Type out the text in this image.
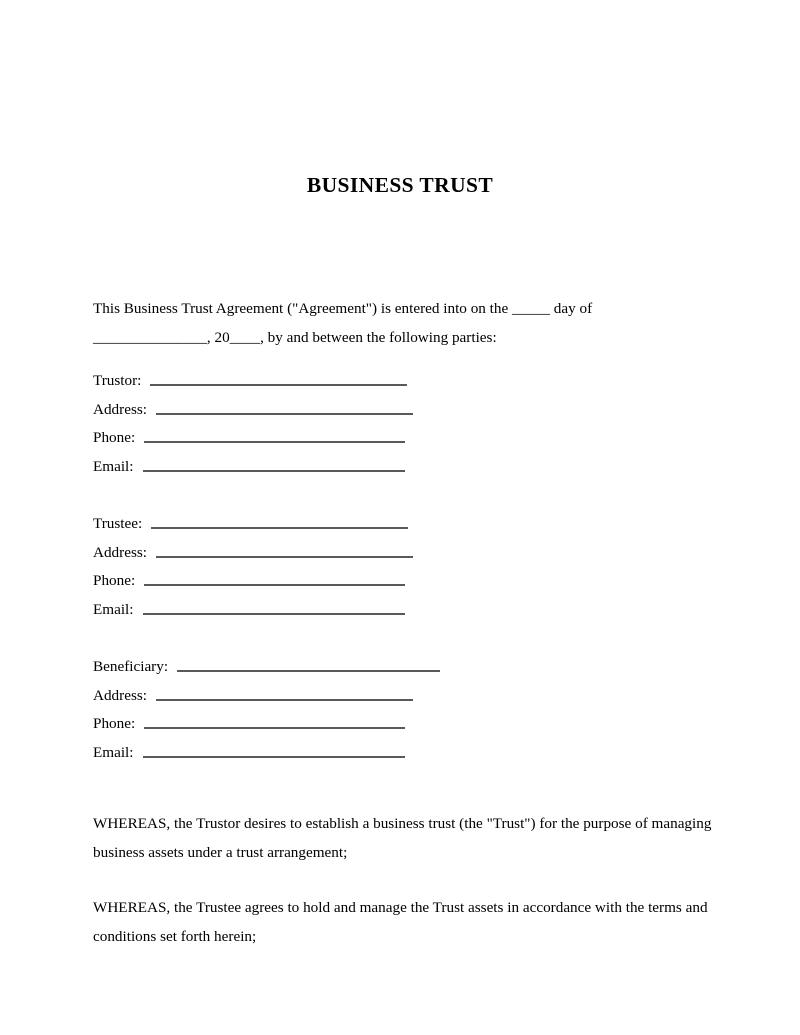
BUSINESS TRUST

This Business Trust Agreement ("Agreement") is entered into on the _____ day of _______________, 20____, by and between the following parties:

Trustor:
Address:
Phone:
Email:
Trustee:
Address:
Phone:
Email:
Beneficiary:
Address:
Phone:
Email:

WHEREAS, the Trustor desires to establish a business trust (the "Trust") for the purpose of managing business assets under a trust arrangement;

WHEREAS, the Trustee agrees to hold and manage the Trust assets in accordance with the terms and conditions set forth herein;
